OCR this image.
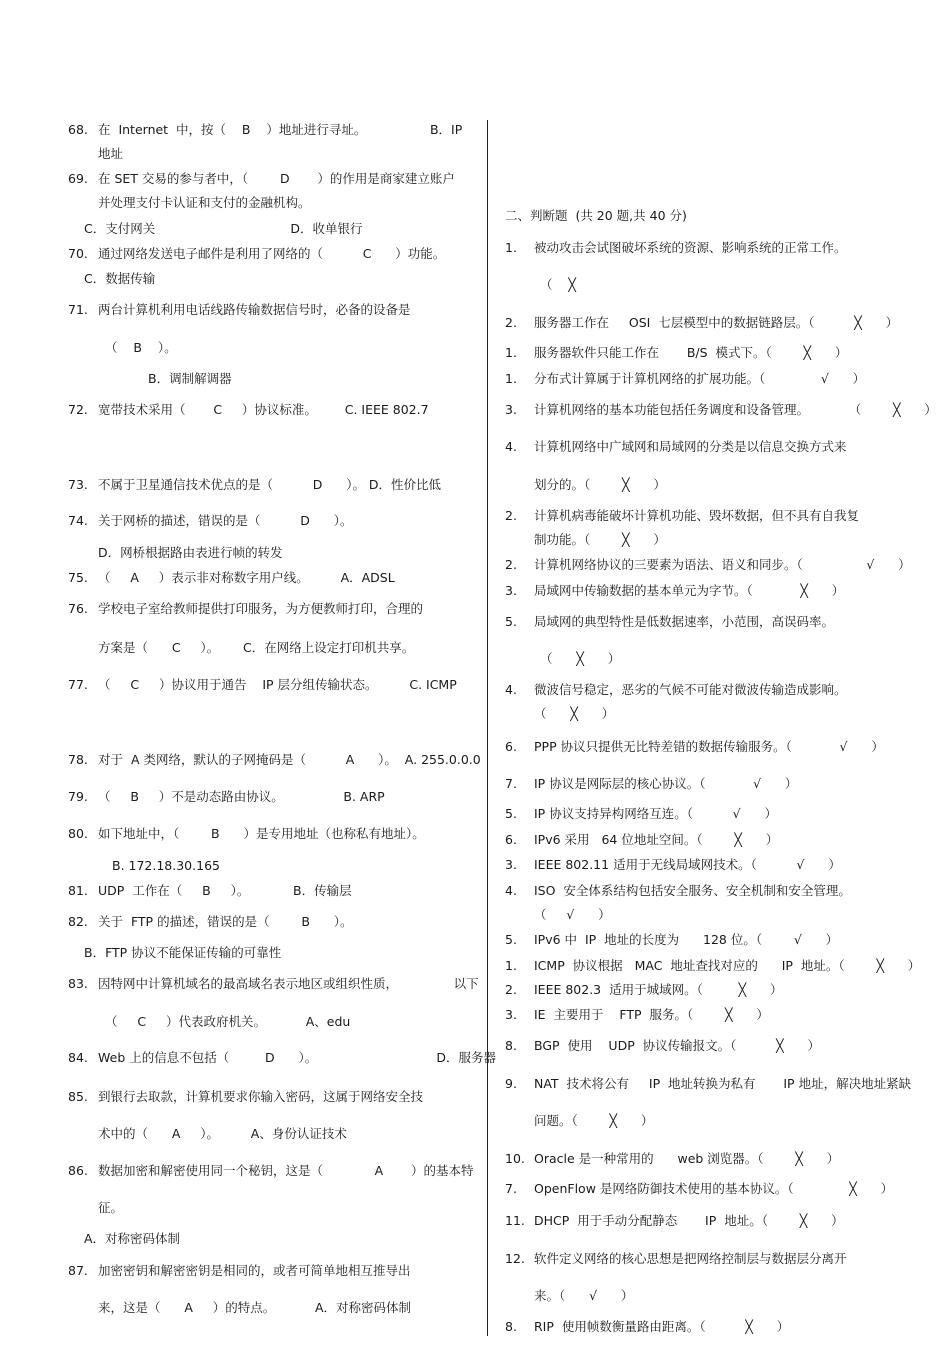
二、判断题  (共 20 题,共 40 分)
68. 在  Internet  中，按（    B    ）地址进行寻址。                B．IP
地址
69. 在 SET 交易的参与者中，（        D       ）的作用是商家建立账户
并处理支付卡认证和支付的金融机构。
C．支付网关                                  D．收单银行
70. 通过网络发送电子邮件是利用了网络的（          C      ）功能。
C．数据传输
71. 两台计算机利用电话线路传输数据信号时，必备的设备是
（    B    ）。
B．调制解调器
72. 宽带技术采用（       C     ）协议标准。       C. IEEE 802.7
73. 不属于卫星通信技术优点的是（          D      ）。 D．性价比低
74. 关于网桥的描述，错误的是（          D      ）。
D．网桥根据路由表进行帧的转发
75. （     A     ）表示非对称数字用户线。        A．ADSL
76. 学校电子室给教师提供打印服务，为方便教师打印，合理的
方案是（      C     ）。      C．在网络上设定打印机共享。
77. （     C     ）协议用于通告    IP 层分组传输状态。        C. ICMP
78. 对于  A 类网络，默认的子网掩码是（          A      ）。  A. 255.0.0.0
79. （     B     ）不是动态路由协议。               B. ARP
80. 如下地址中，（        B      ）是专用地址（也称私有地址）。
B. 172.18.30.165
81. UDP  工作在（     B     ）。           B．传输层
82. 关于  FTP 的描述，错误的是（        B      ）。
B．FTP 协议不能保证传输的可靠性
83. 因特网中计算机域名的最高域名表示地区或组织性质，              以下
（     C     ）代表政府机关。          A、edu
84. Web 上的信息不包括（         D      ）。                              D．服务器
85. 到银行去取款，计算机要求你输入密码，这属于网络安全技
术中的（      A     ）。        A、身份认证技术
86. 数据加密和解密使用同一个秘钥，这是（             A       ）的基本特
征。
A．对称密码体制
87. 加密密钥和解密密钥是相同的，或者可简单地相互推导出
来，这是（      A     ）的特点。          A．对称密码体制
1. 被动攻击会试图破坏系统的资源、影响系统的正常工作。
（    ╳
2. 服务器工作在     OSI  七层模型中的数据链路层。（          ╳      ）
1. 服务器软件只能工作在       B/S  模式下。（        ╳      ）
1. 分布式计算属于计算机网络的扩展功能。（              √      ）
3. 计算机网络的基本功能包括任务调度和设备管理。          （        ╳      ）
4. 计算机网络中广域网和局域网的分类是以信息交换方式来
划分的。（        ╳      ）
2. 计算机病毒能破坏计算机功能、毁坏数据，但不具有自我复
制功能。（        ╳      ）
2. 计算机网络协议的三要素为语法、语义和同步。（                √      ）
3. 局域网中传输数据的基本单元为字节。（            ╳      ）
5. 局域网的典型特性是低数据速率，小范围，高误码率。
（      ╳      ）
4. 微波信号稳定，恶劣的气候不可能对微波传输造成影响。
（      ╳      ）
6. PPP 协议只提供无比特差错的数据传输服务。（            √      ）
7. IP 协议是网际层的核心协议。（            √      ）
5. IP 协议支持异构网络互连。（          √      ）
6. IPv6 采用   64 位地址空间。（        ╳      ）
3. IEEE 802.11 适用于无线局域网技术。（          √      ）
4. ISO  安全体系结构包括安全服务、安全机制和安全管理。
（     √      ）
5. IPv6 中  IP  地址的长度为      128 位。（        √      ）
1. ICMP  协议根据   MAC  地址查找对应的      IP  地址。（        ╳      ）
2. IEEE 802.3  适用于城域网。（         ╳      ）
3. IE  主要用于    FTP  服务。（        ╳      ）
8. BGP  使用    UDP  协议传输报文。（          ╳      ）
9. NAT  技术将公有     IP  地址转换为私有       IP 地址，解决地址紧缺
问题。（        ╳      ）
10. Oracle 是一种常用的      web 浏览器。（        ╳      ）
7. OpenFlow 是网络防御技术使用的基本协议。（              ╳      ）
11. DHCP  用于手动分配静态       IP  地址。（        ╳      ）
12. 软件定义网络的核心思想是把网络控制层与数据层分离开
来。（      √      ）
8. RIP  使用帧数衡量路由距离。（          ╳      ）
